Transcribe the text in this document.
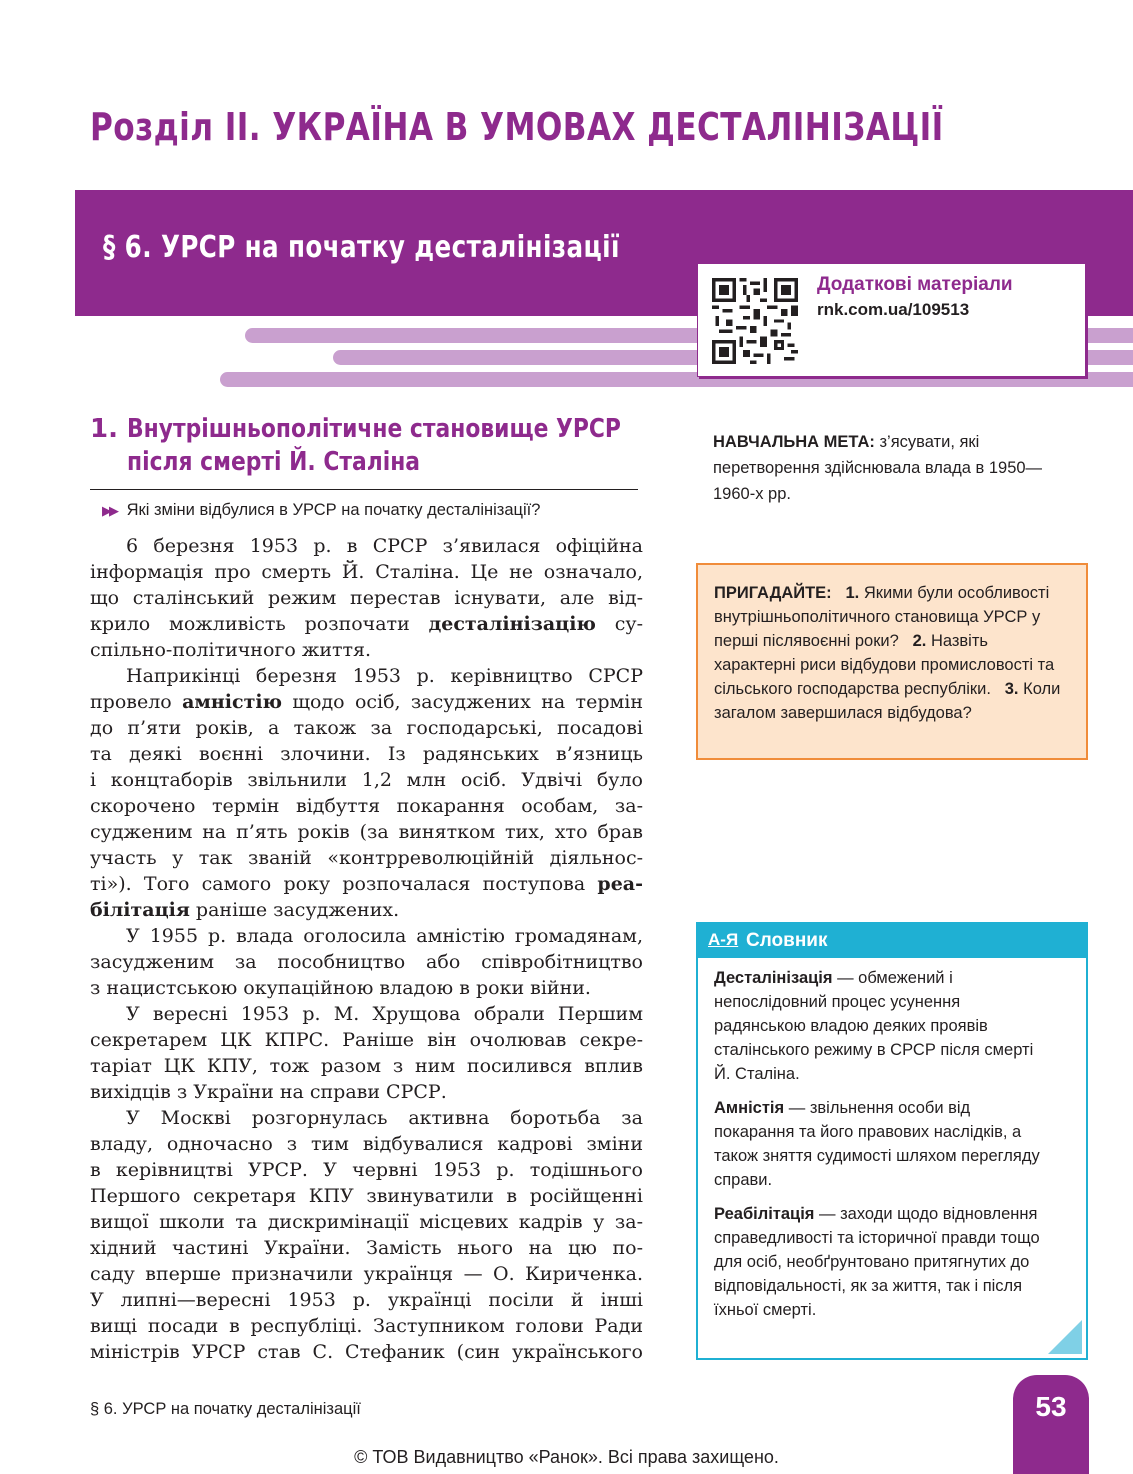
Розділ ІІ. УКРАЇНА В УМОВАХ ДЕСТАЛІНІЗАЦІЇ
§ 6. УРСР на початку десталінізації
Додаткові матеріали
rnk.com.ua/109513
1. Внутрішньополітичне становище УРСР після смерті Й. Сталіна
▶▶ Які зміни відбулися в УРСР на початку десталінізації?
6 березня 1953 р. в СРСР з’явилася офіційна
інформація про смерть Й. Сталіна. Це не означало,
що сталінський режим перестав існувати, але від-
крило можливість розпочати десталінізацію су-
спільно-політичного життя.
Наприкінці березня 1953 р. керівництво СРСР
провело амністію щодо осіб, засуджених на термін
до п’яти років, а також за господарські, посадові
та деякі воєнні злочини. Із радянських в’язниць
і концтаборів звільнили 1,2 млн осіб. Удвічі було
скорочено термін відбуття покарання особам, за-
судженим на п’ять років (за винятком тих, хто брав
участь у так званій «контрреволюційній діяльнос-
ті»). Того самого року розпочалася поступова реа-
білітація раніше засуджених.
У 1955 р. влада оголосила амністію громадянам,
засудженим за пособництво або співробітництво
з нацистською окупаційною владою в роки війни.
У вересні 1953 р. М. Хрущова обрали Першим
секретарем ЦК КПРС. Раніше він очолював секре-
таріат ЦК КПУ, тож разом з ним посилився вплив
вихідців з України на справи СРСР.
У Москві розгорнулась активна боротьба за
владу, одночасно з тим відбувалися кадрові зміни
в керівництві УРСР. У червні 1953 р. тодішнього
Першого секретаря КПУ звинуватили в російщенні
вищої школи та дискримінації місцевих кадрів у за-
хідний частині України. Замість нього на цю по-
саду вперше призначили українця — О. Кириченка.
У липні—вересні 1953 р. українці посіли й інші
вищі посади в республіці. Заступником голови Ради
міністрів УРСР став С. Стефаник (син українського
НАВЧАЛЬНА МЕТА: з’ясувати, які перетворення здійснювала влада в 1950—1960-х рр.
ПРИГАДАЙТЕ: 1. Якими були особливості внутрішньополітичного становища УРСР у перші післявоєнні роки? 2. Назвіть характерні риси відбудови промисловості та сільського господарства республіки. 3. Коли загалом завершилася відбудова?
А-Я Словник

Десталінізація — обмежений і непослідовний процес усунення радянською владою деяких проявів сталінського режиму в СРСР після смерті Й. Сталіна.

Амністія — звільнення особи від покарання та його правових наслідків, а також зняття судимості шляхом перегляду справи.

Реабілітація — заходи щодо відновлення справедливості та історичної правди тощо для осіб, необґрунтовано притягнутих до відповідальності, як за життя, так і після їхньої смерті.

§ 6. УРСР на початку десталінізації	53
© ТОВ Видавництво «Ранок». Всі права захищено.
